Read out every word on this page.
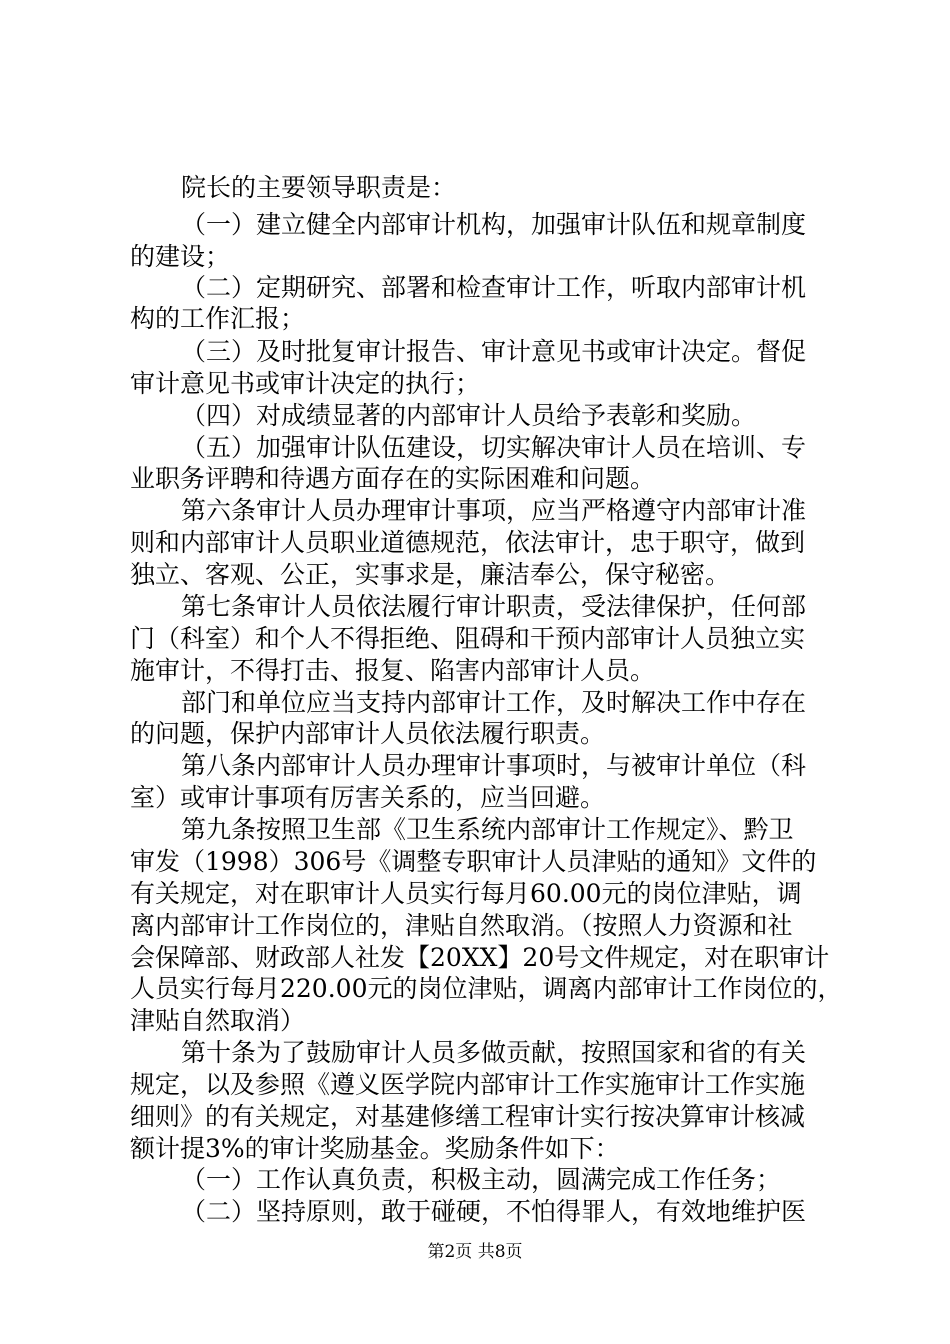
院长的主要领导职责是：
（一）建立健全内部审计机构，加强审计队伍和规章制度
的建设；
（二）定期研究、部署和检查审计工作，听取内部审计机
构的工作汇报；
（三）及时批复审计报告、审计意见书或审计决定。督促
审计意见书或审计决定的执行；
（四）对成绩显著的内部审计人员给予表彰和奖励。
（五）加强审计队伍建设，切实解决审计人员在培训、专
业职务评聘和待遇方面存在的实际困难和问题。
第六条审计人员办理审计事项，应当严格遵守内部审计准
则和内部审计人员职业道德规范，依法审计，忠于职守，做到
独立、客观、公正，实事求是，廉洁奉公，保守秘密。
第七条审计人员依法履行审计职责，受法律保护，任何部
门（科室）和个人不得拒绝、阻碍和干预内部审计人员独立实
施审计，不得打击、报复、陷害内部审计人员。
部门和单位应当支持内部审计工作，及时解决工作中存在
的问题，保护内部审计人员依法履行职责。
第八条内部审计人员办理审计事项时，与被审计单位（科
室）或审计事项有厉害关系的，应当回避。
第九条按照卫生部《卫生系统内部审计工作规定》、黔卫
审发（1998）306号《调整专职审计人员津贴的通知》文件的
有关规定，对在职审计人员实行每月60.00元的岗位津贴，调
离内部审计工作岗位的，津贴自然取消。（按照人力资源和社
会保障部、财政部人社发【20XX】20号文件规定，对在职审计
人员实行每月220.00元的岗位津贴，调离内部审计工作岗位的，
津贴自然取消）
第十条为了鼓励审计人员多做贡献，按照国家和省的有关
规定，以及参照《遵义医学院内部审计工作实施审计工作实施
细则》的有关规定，对基建修缮工程审计实行按决算审计核减
额计提3%的审计奖励基金。奖励条件如下：
（一）工作认真负责，积极主动，圆满完成工作任务；
（二）坚持原则，敢于碰硬，不怕得罪人，有效地维护医
第2页 共8页
